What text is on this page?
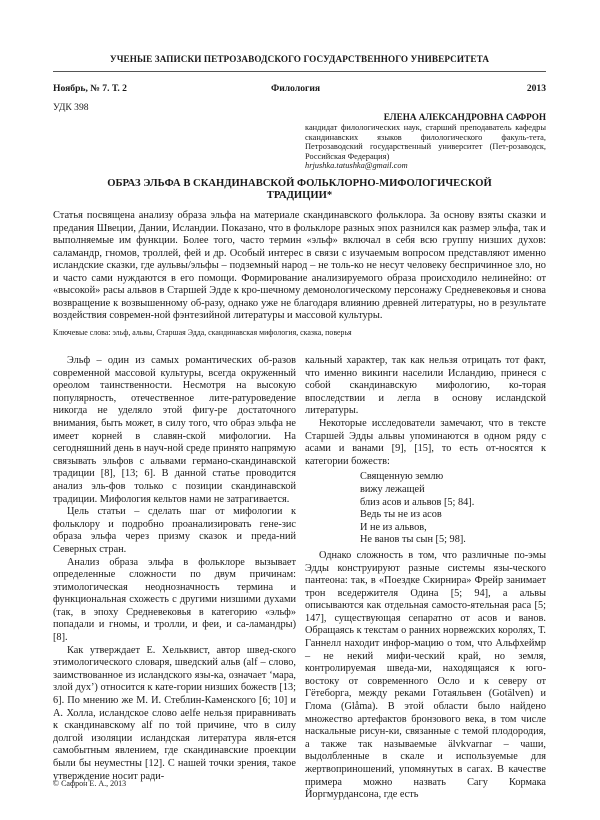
УЧЕНЫЕ ЗАПИСКИ ПЕТРОЗАВОДСКОГО ГОСУДАРСТВЕННОГО УНИВЕРСИТЕТА
Ноябрь, № 7. Т. 2	Филология	2013
УДК 398
ЕЛЕНА АЛЕКСАНДРОВНА САФРОН
кандидат филологических наук, старший преподаватель кафедры скандинавских языков филологического факуль-тета, Петрозаводский государственный университет (Пет-розаводск, Российская Федерация)
hrjushka.tatushka@gmail.com
ОБРАЗ ЭЛЬФА В СКАНДИНАВСКОЙ ФОЛЬКЛОРНО-МИФОЛОГИЧЕСКОЙ
ТРАДИЦИИ*
Статья посвящена анализу образа эльфа на материале скандинавского фольклора. За основу взяты сказки и предания Швеции, Дании, Исландии. Показано, что в фольклоре разных эпох разнился как размер эльфа, так и выполняемые им функции. Более того, часто термин «эльф» включал в себя всю группу низших духов: саламандр, гномов, троллей, фей и др. Особый интерес в связи с изучаемым вопросом представляют именно исландские сказки, где аульвы/эльфы – подземный народ – не толь-ко не несут человеку беспричинное зло, но и часто сами нуждаются в его помощи. Формирование анализируемого образа происходило нелинейно: от «высокой» расы альвов в Старшей Эдде к кро-шечному демонологическому персонажу Средневековья и снова возвращение к возвышенному об-разу, однако уже не благодаря влиянию древней литературы, но в результате воздействия современ-ной фэнтезийной литературы и массовой культуры.
Ключевые слова: эльф, альвы, Старшая Эдда, скандинавская мифология, сказка, поверья

Эльф – один из самых романтических об-разов современной массовой культуры, всегда окруженный ореолом таинственности. Несмотря на высокую популярность, отечественное лите-ратуроведение никогда не уделяло этой фигу-ре достаточного внимания, быть может, в силу того, что образ эльфа не имеет корней в славян-ской мифологии. На сегодняшний день в науч-ной среде принято напрямую связывать эльфов с альвами германо-скандинавской традиции [8], [13; 6]. В данной статье проводится анализ эль-фов только с позиции скандинавской традиции. Мифология кельтов нами не затрагивается.

Цель статьи – сделать шаг от мифологии к фольклору и подробно проанализировать гене-зис образа эльфа через призму сказок и преда-ний Северных стран.

Анализ образа эльфа в фольклоре вызывает определенные сложности по двум причинам: этимологическая неоднозначность термина и функциональная схожесть с другими низшими духами (так, в эпоху Средневековья в категорию «эльф» попадали и гномы, и тролли, и феи, и са-ламандры) [8].

Как утверждает Е. Хельквист, автор швед-ского этимологического словаря, шведский альв (alf – слово, заимствованное из исландского язы-ка, означает ‘мара, злой дух’) относится к кате-гории низших божеств [13; 6]. По мнению же М. И. Стеблин-Каменского [6; 10] и А. Холла, исландское слово aelfe нельзя приравнивать к скандинавскому alf по той причине, что в силу долгой изоляции исландская литература явля-ется самобытным явлением, где скандинавские проекции были бы неуместны [12]. С нашей точки зрения, такое утверждение носит ради-

кальный характер, так как нельзя отрицать тот факт, что именно викинги населили Исландию, принеся с собой скандинавскую мифологию, ко-торая впоследствии и легла в основу исландской литературы.

Некоторые исследователи замечают, что в тексте Старшей Эдды альвы упоминаются в одном ряду с асами и ванами [9], [15], то есть от-носятся к категории божеств:

Священную землю
вижу лежащей
близ асов и альвов [5; 84].
Ведь ты не из асов
И не из альвов,
Не ванов ты сын [5; 98].

Однако сложность в том, что различные по-эмы Эдды конструируют разные системы язы-ческого пантеона: так, в «Поездке Скирнира» Фрейр занимает трон вседержителя Одина [5; 94], а альвы описываются как отдельная самосто-ятельная раса [5; 147], существующая сепаратно от асов и ванов. Обращаясь к текстам о ранних норвежских королях, Т. Ганнелл находит инфор-мацию о том, что Альфхеймр – не некий мифи-ческий край, но земля, контролируемая шведа-ми, находящаяся к юго-востоку от современного Осло и к северу от Гётеборга, между реками Готаяльвен (Gotälven) и Глома (Glåma). В этой области было найдено множество артефактов бронзового века, в том числе наскальные рисун-ки, связанные с темой плодородия, а также так называемые älvkvarnar – чаши, выдолбленные в скале и используемые для жертвоприношений, упомянутых в сагах. В качестве примера можно назвать Сагу Кормака Йоргмурдансона, где есть

© Сафрон Е. А., 2013
